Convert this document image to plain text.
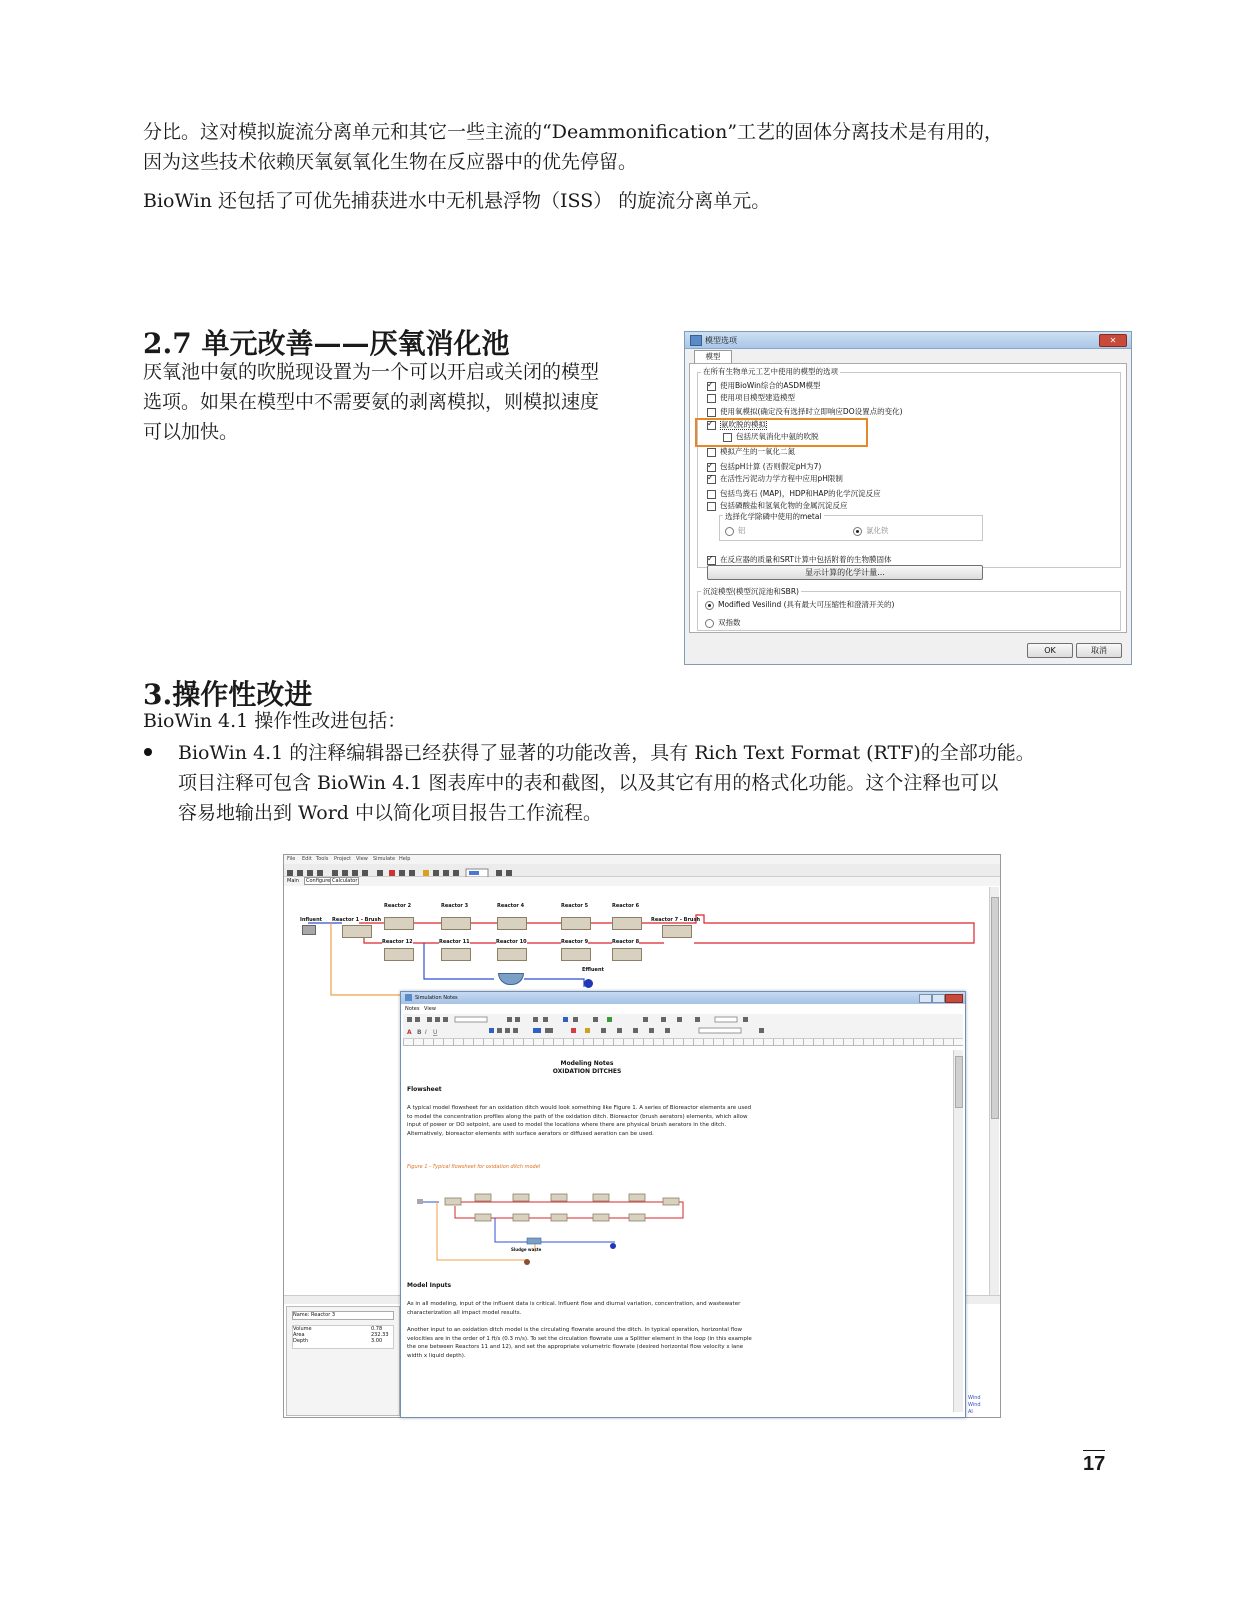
分比。这对模拟旋流分离单元和其它一些主流的“Deammonification”工艺的固体分离技术是有用的，
因为这些技术依赖厌氧氨氧化生物在反应器中的优先停留。
BioWin 还包括了可优先捕获进水中无机悬浮物（ISS） 的旋流分离单元。
2.7 单元改善——厌氧消化池
厌氧池中氨的吹脱现设置为一个可以开启或关闭的模型
选项。如果在模型中不需要氨的剥离模拟，则模拟速度
可以加快。
模型选项	✕
模型
在所有生物单元工艺中使用的模型的选项
✓使用BioWin综合的ASDM模型
使用项目模型建造模型
使用氧模拟(确定没有选择时立即响应DO设置点的变化)
✓氨吹脱的模拟
包括厌氧消化中氨的吹脱
模拟产生的一氧化二氮
✓包括pH计算 (否则假定pH为7)
✓在活性污泥动力学方程中应用pH限制
包括鸟粪石 (MAP)，HDP和HAP的化学沉淀反应
包括磷酸盐和氢氧化物的金属沉淀反应
选择化学除磷中使用的metal
铝	氯化铁
✓在反应器的质量和SRT计算中包括附着的生物膜固体
显示计算的化学计量...
沉淀模型(模型沉淀池和SBR)
Modified Vesilind (具有最大可压缩性和澄清开关的)
双指数
OK	取消
3.操作性改进
BioWin 4.1 操作性改进包括：
BioWin 4.1 的注释编辑器已经获得了显著的功能改善，具有 Rich Text Format (RTF)的全部功能。
项目注释可包含 BioWin 4.1 图表库中的表和截图，以及其它有用的格式化功能。这个注释也可以
容易地输出到 Word 中以简化项目报告工作流程。
File Edit Tools Project View Simulate Help
Main	Configure Calculator
Influent Reactor 1 - Brush
Reactor 2	Reactor 3	Reactor 4	Reactor 5	Reactor 6
Reactor 7 - Brush
Reactor 12	Reactor 11	Reactor 10	Reactor 9	Reactor 8
Effluent
Name: Reactor 3
Volume	0.78
Area	232.33
Depth	3.00
Wind
Wind
Al
Simulation Notes
Notes View
A B I U
Modeling Notes
OXIDATION DITCHES
Flowsheet
A typical model flowsheet for an oxidation ditch would look something like Figure 1. A series of Bioreactor elements are used to model the concentration profiles along the path of the oxidation ditch. Bioreactor (brush aerators) elements, which allow input of power or DO setpoint, are used to model the locations where there are physical brush aerators in the ditch. Alternatively, bioreactor elements with surface aerators or diffused aeration can be used.
Figure 1 - Typical flowsheet for oxidation ditch model
Sludge waste
Model Inputs
As in all modeling, input of the influent data is critical. Influent flow and diurnal variation, concentration, and wastewater characterization all impact model results.
Another input to an oxidation ditch model is the circulating flowrate around the ditch. In typical operation, horizontal flow velocities are in the order of 1 ft/s (0.3 m/s). To set the circulation flowrate use a Splitter element in the loop (in this example the one between Reactors 11 and 12), and set the appropriate volumetric flowrate (desired horizontal flow velocity x lane width x liquid depth).
17
